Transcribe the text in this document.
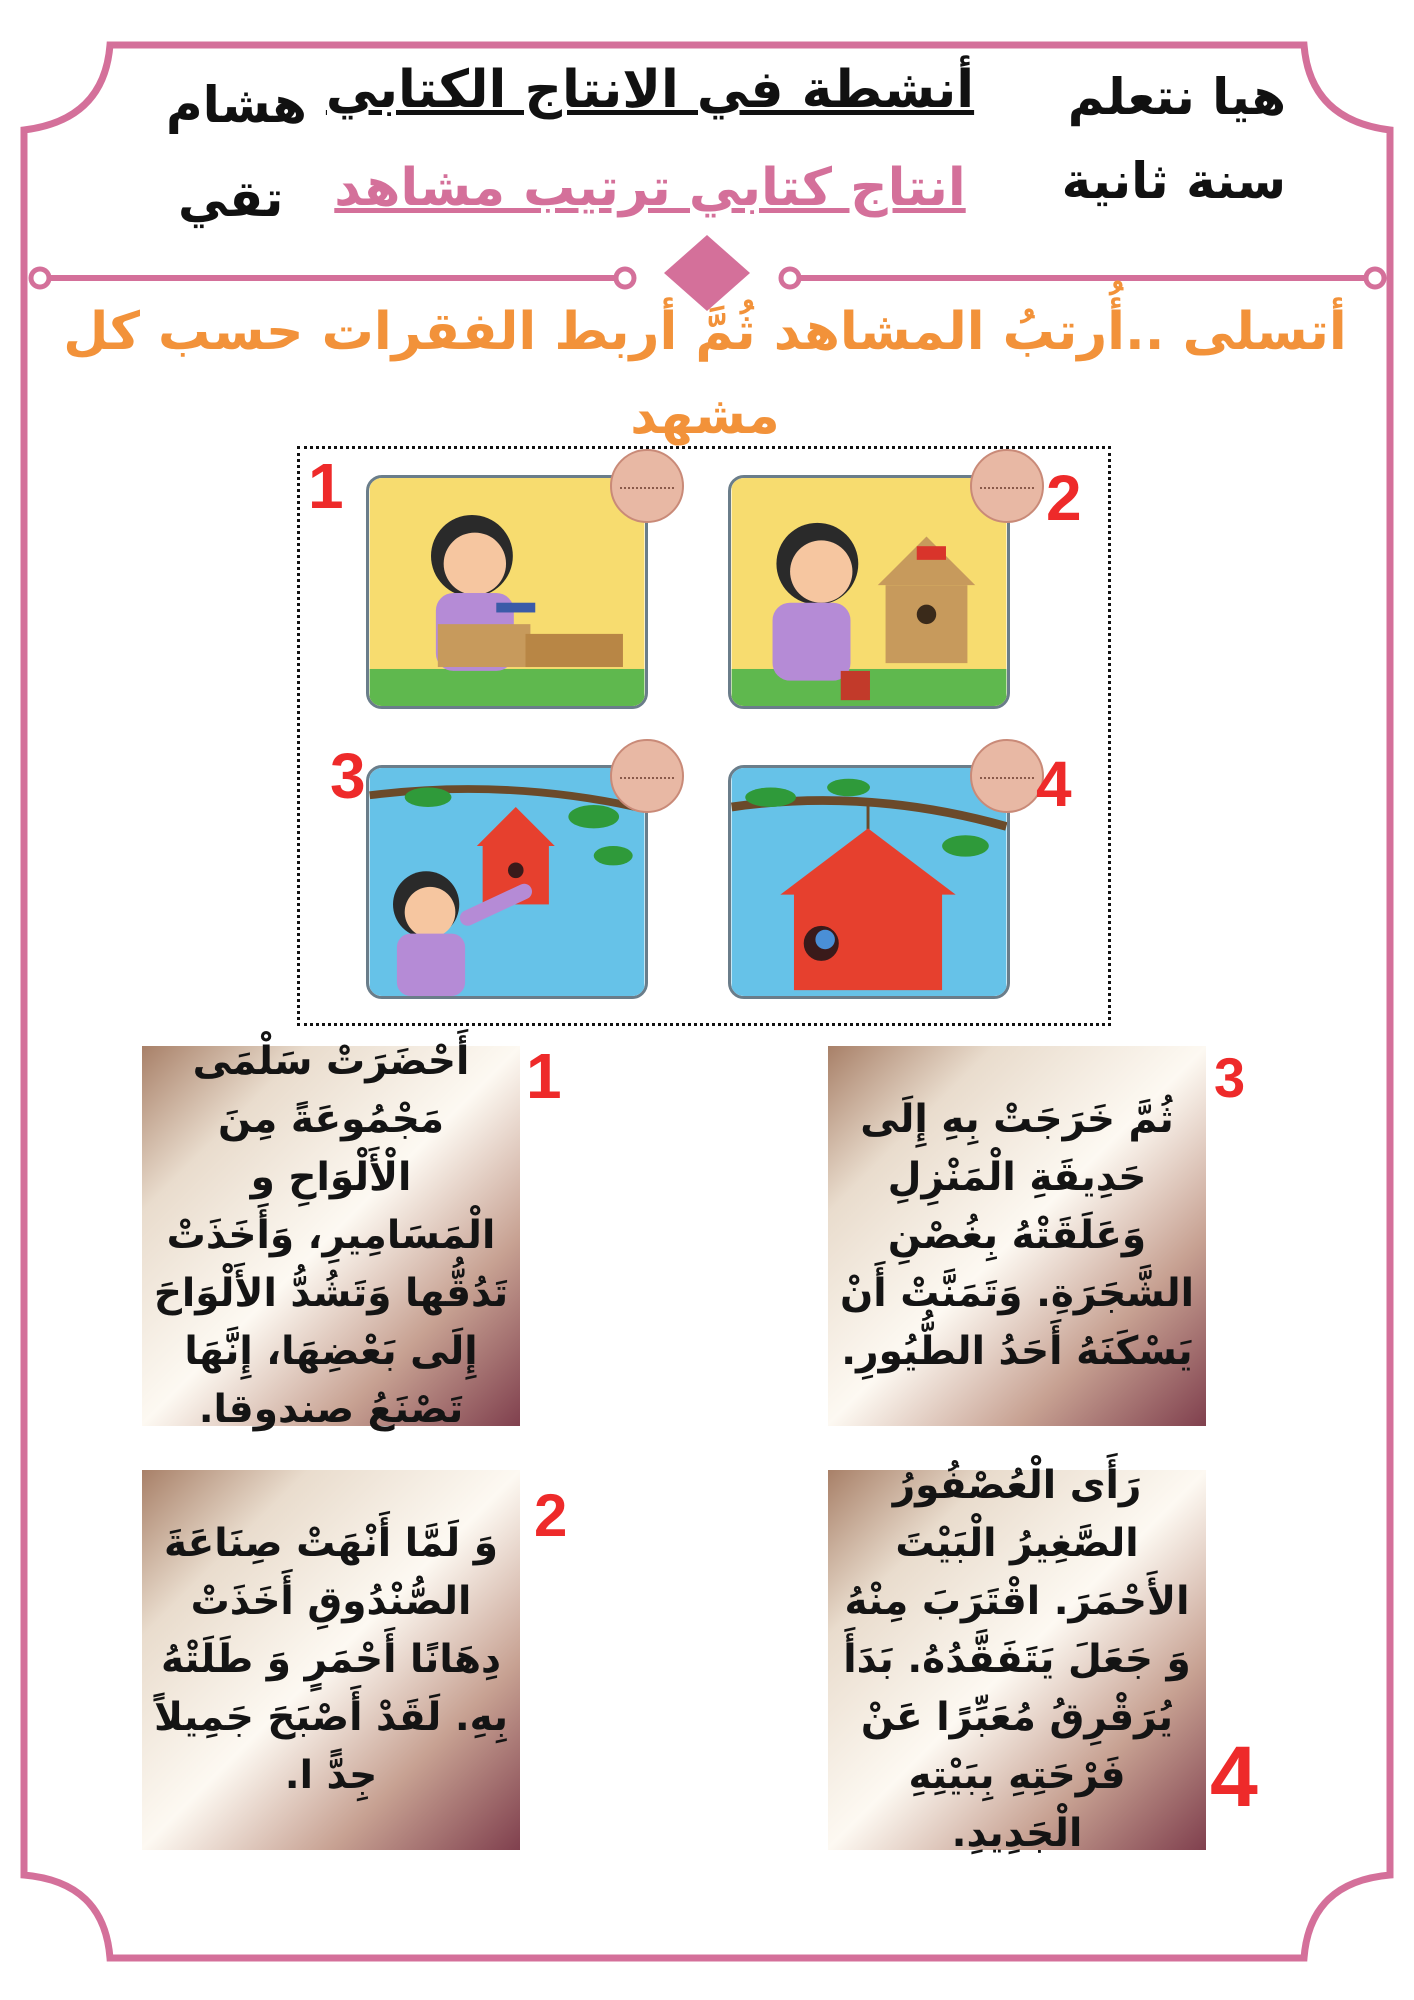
هيا نتعلم
سنة ثانية
هشام
تقي
أنشطة في الانتاج الكتابي
انتاج كتابي ترتيب مشاهد
أتسلى ..أُرتبُ المشاهد ثُمَّ أربط الفقرات حسب كل مشهد
1	2
3	4
أَحْضَرَتْ سَلْمَى مَجْمُوعَةً مِنَ الْأَلْوَاحِ و الْمَسَامِيرِ، وَأَخَذَتْ تَدُقُّها وَتَشُدُّ الأَلْوَاحَ إِلَى بَعْضِهَا، إِنَّهَا تَصْنَعُ صندوقا.
1
ثُمَّ خَرَجَتْ بِهِ إِلَى حَدِيقَةِ الْمَنْزِلِ وَعَلَقَتْهُ بِغُصْنِ الشَّجَرَةِ. وَتَمَنَّتْ أَنْ يَسْكَنَهُ أَحَدُ الطُّيُورِ.
3
وَ لَمَّا أَنْهَتْ صِنَاعَةَ الصُّنْدُوقِ أَخَذَتْ دِهَانًا أَحْمَرٍ وَ طَلَتْهُ بِهِ. لَقَدْ أَصْبَحَ جَمِيلاً جِدًّ ا.
2	رَأَى الْعُصْفُورُ الصَّغِيرُ الْبَيْتَ الأَحْمَرَ. اقْتَرَبَ مِنْهُ وَ جَعَلَ يَتَفَقَّدُهُ. بَدَأَ يُرَقْرِقُ مُعَبِّرًا عَنْ فَرْحَتِهِ بِبَيْتِهِ الْجَدِيدِ.
4
